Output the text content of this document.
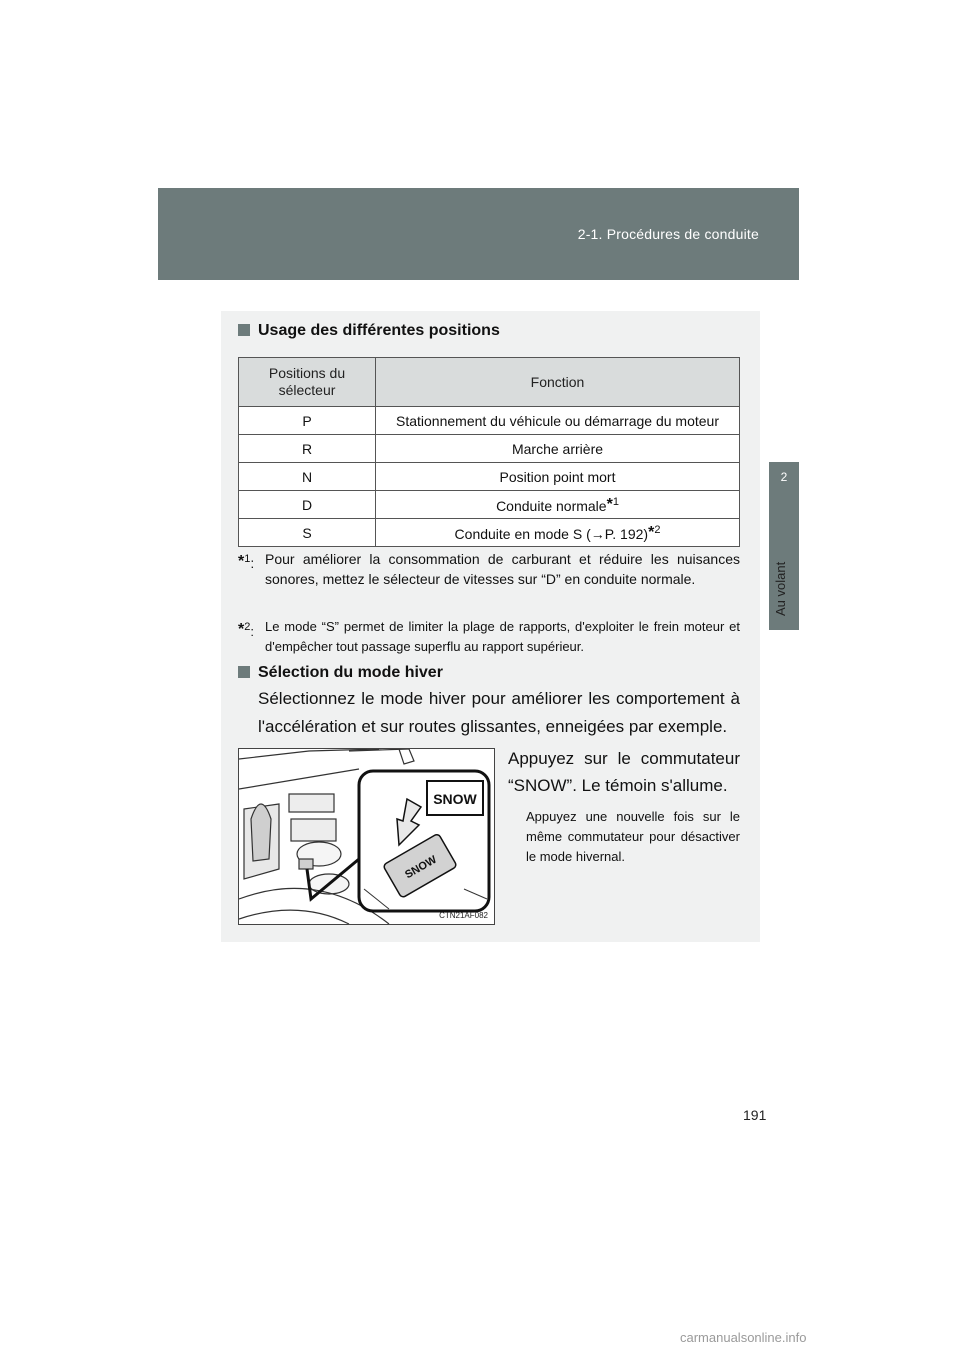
2-1. Procédures de conduite
2
Au volant
Usage des différentes positions
Positions du sélecteur	Fonction
P	Stationnement du véhicule ou démarrage du moteur
R	Marche arrière
N	Position point mort
D	Conduite normale$^{*1}$
S	Conduite en mode S (→P. 192)$^{*2}$
$^{*1}$: Pour améliorer la consommation de carburant et réduire les nuisances sonores, mettez le sélecteur de vitesses sur “D” en conduite normale.
$^{*2}$: Le mode “S” permet de limiter la plage de rapports, d'exploiter le frein moteur et d'empêcher tout passage superflu au rapport supérieur.
Sélection du mode hiver
Sélectionnez le mode hiver pour améliorer les comportement à l'accélération et sur routes glissantes, enneigées par exemple.
SNOW
SNOW
CTN21AF082
Appuyez sur le commutateur “SNOW”. Le témoin s'allume.
Appuyez une nouvelle fois sur le même commutateur pour désactiver le mode hivernal.
191
carmanualsonline.info
